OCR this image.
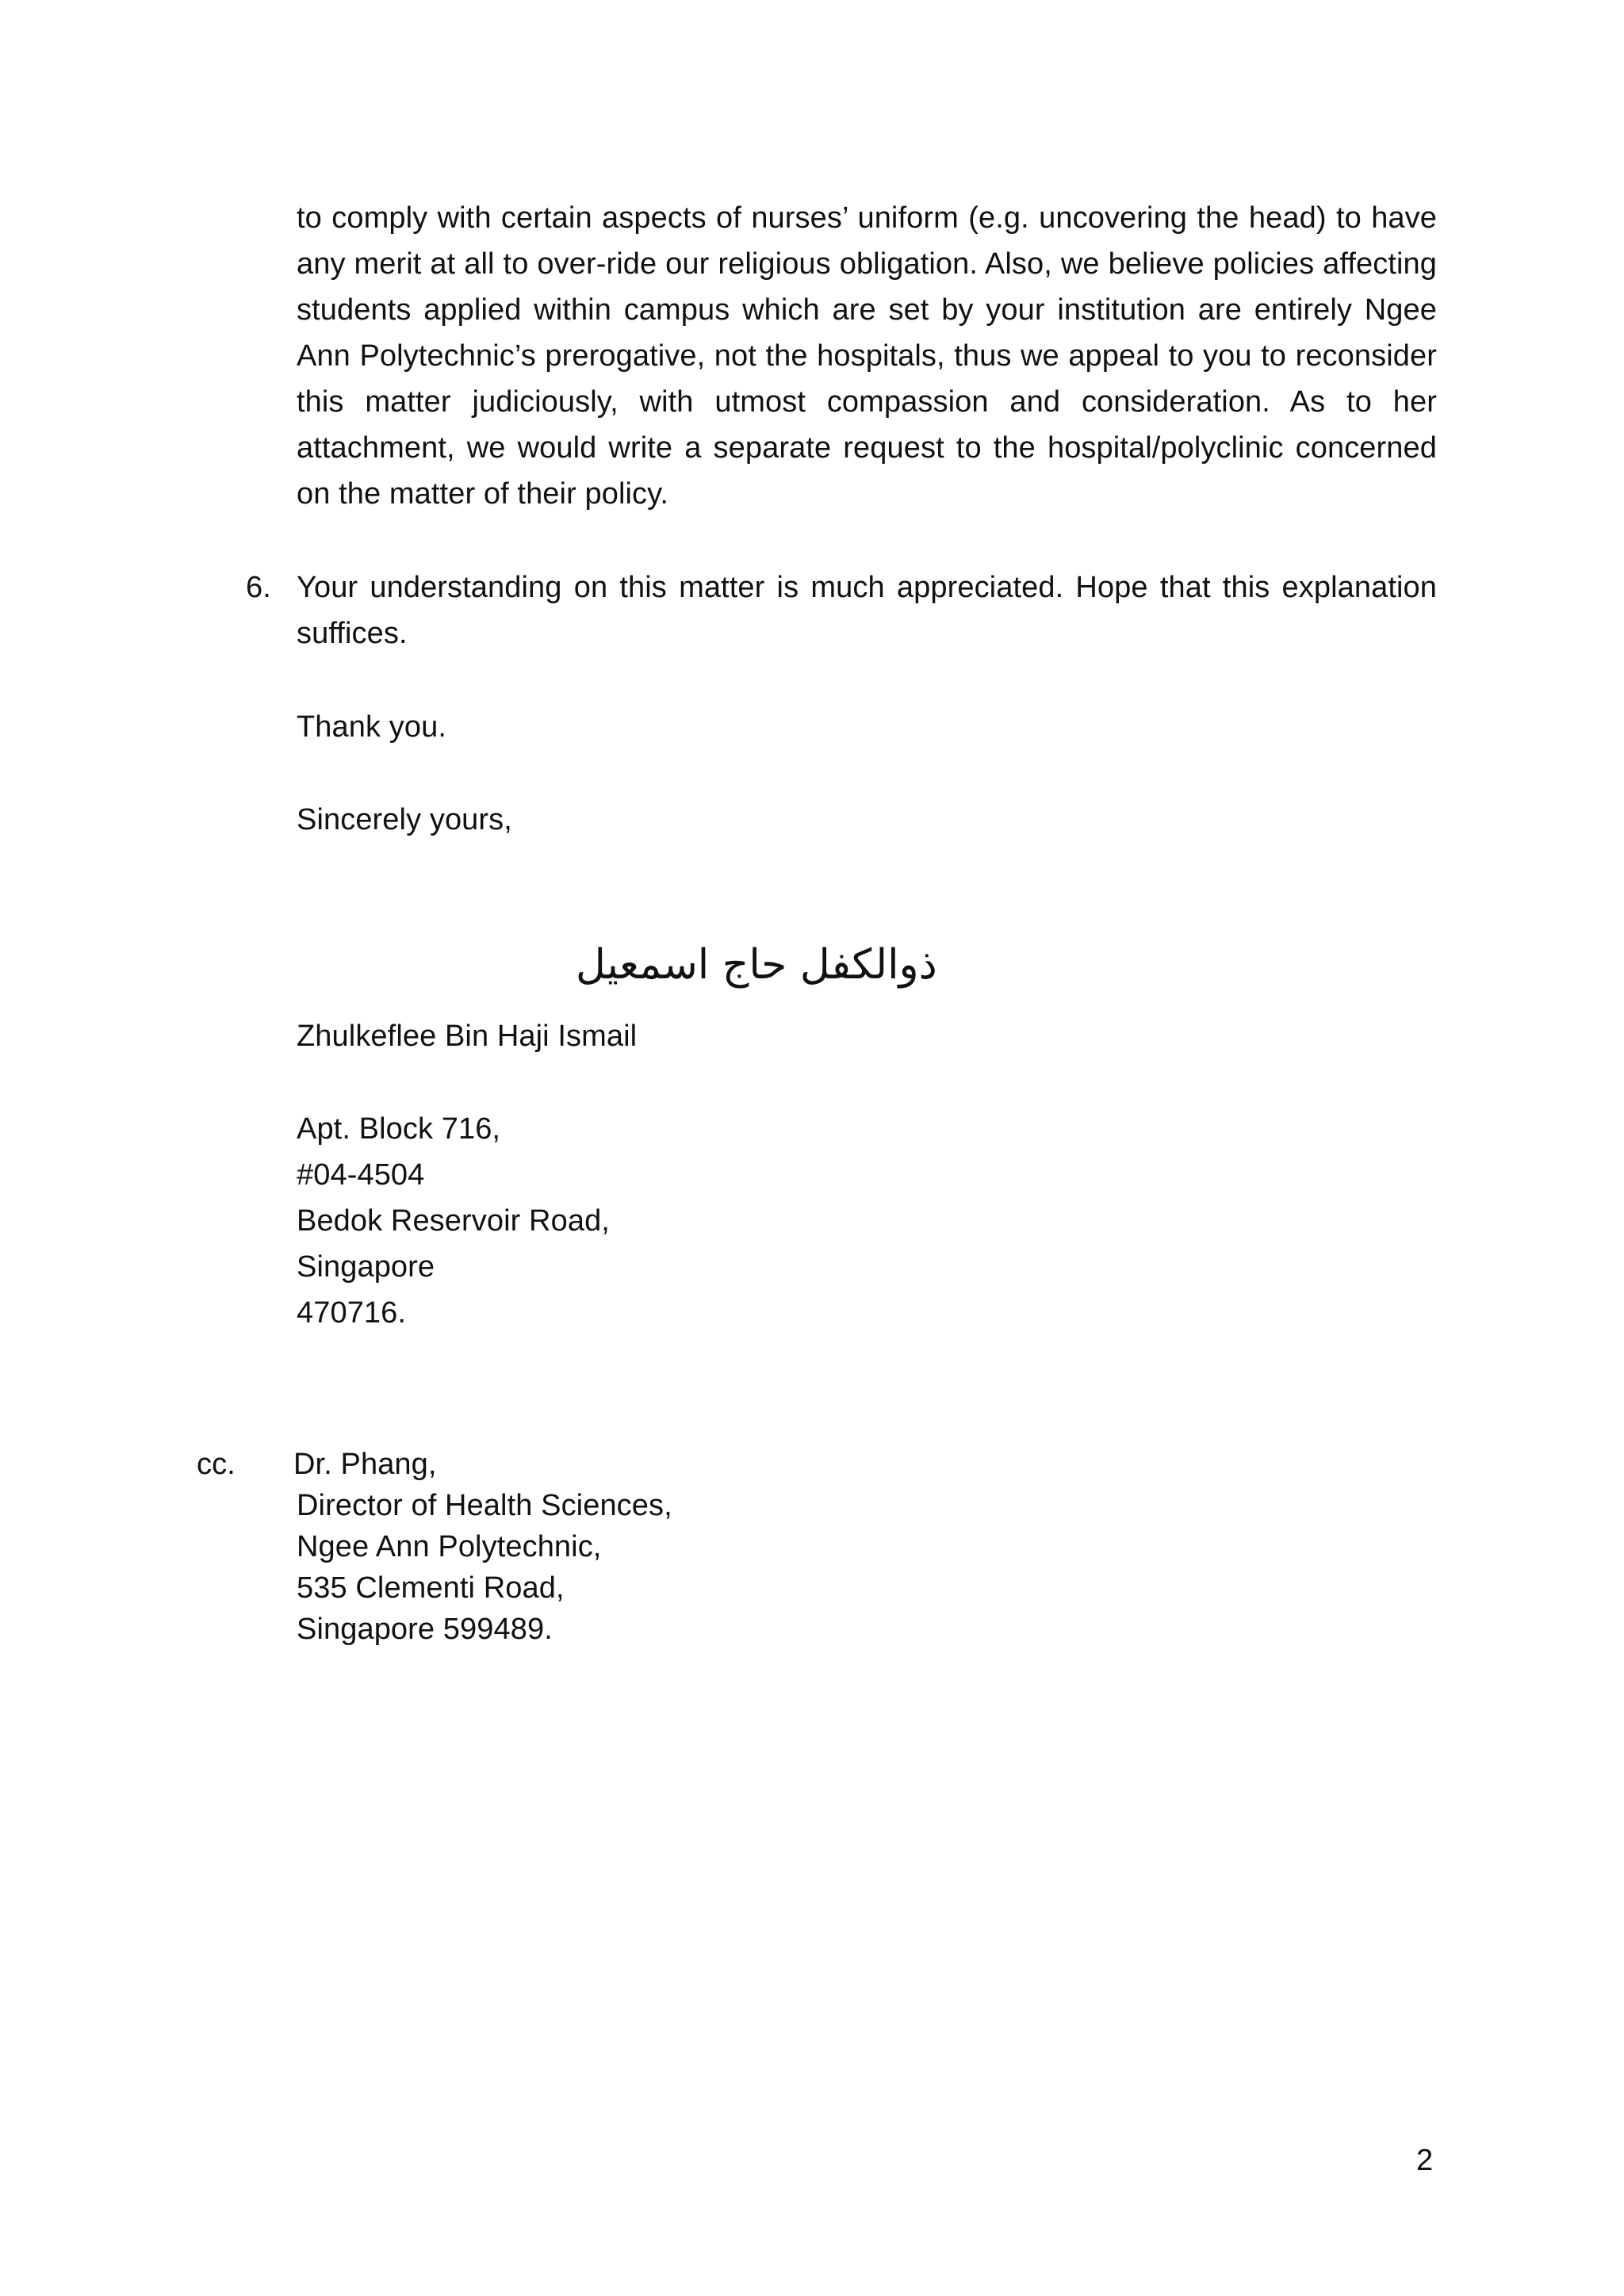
to comply with certain aspects of nurses’ uniform (e.g. uncovering the head) to have any merit at all to over-ride our religious obligation. Also, we believe policies affecting students applied within campus which are set by your institution are entirely Ngee Ann Polytechnic’s prerogative, not the hospitals, thus we appeal to you to reconsider this matter judiciously, with utmost compassion and consideration. As to her attachment, we would write a separate request to the hospital/polyclinic concerned on the matter of their policy.

6. Your understanding on this matter is much appreciated. Hope that this explanation suffices.

Thank you.

Sincerely yours,

ذوالكفل حاج اسمعيل

Zhulkeflee Bin Haji Ismail

Apt. Block 716,
#04-4504
Bedok Reservoir Road,
Singapore
470716.

cc. Dr. Phang,
Director of Health Sciences,
Ngee Ann Polytechnic,
535 Clementi Road,
Singapore 599489.

2
